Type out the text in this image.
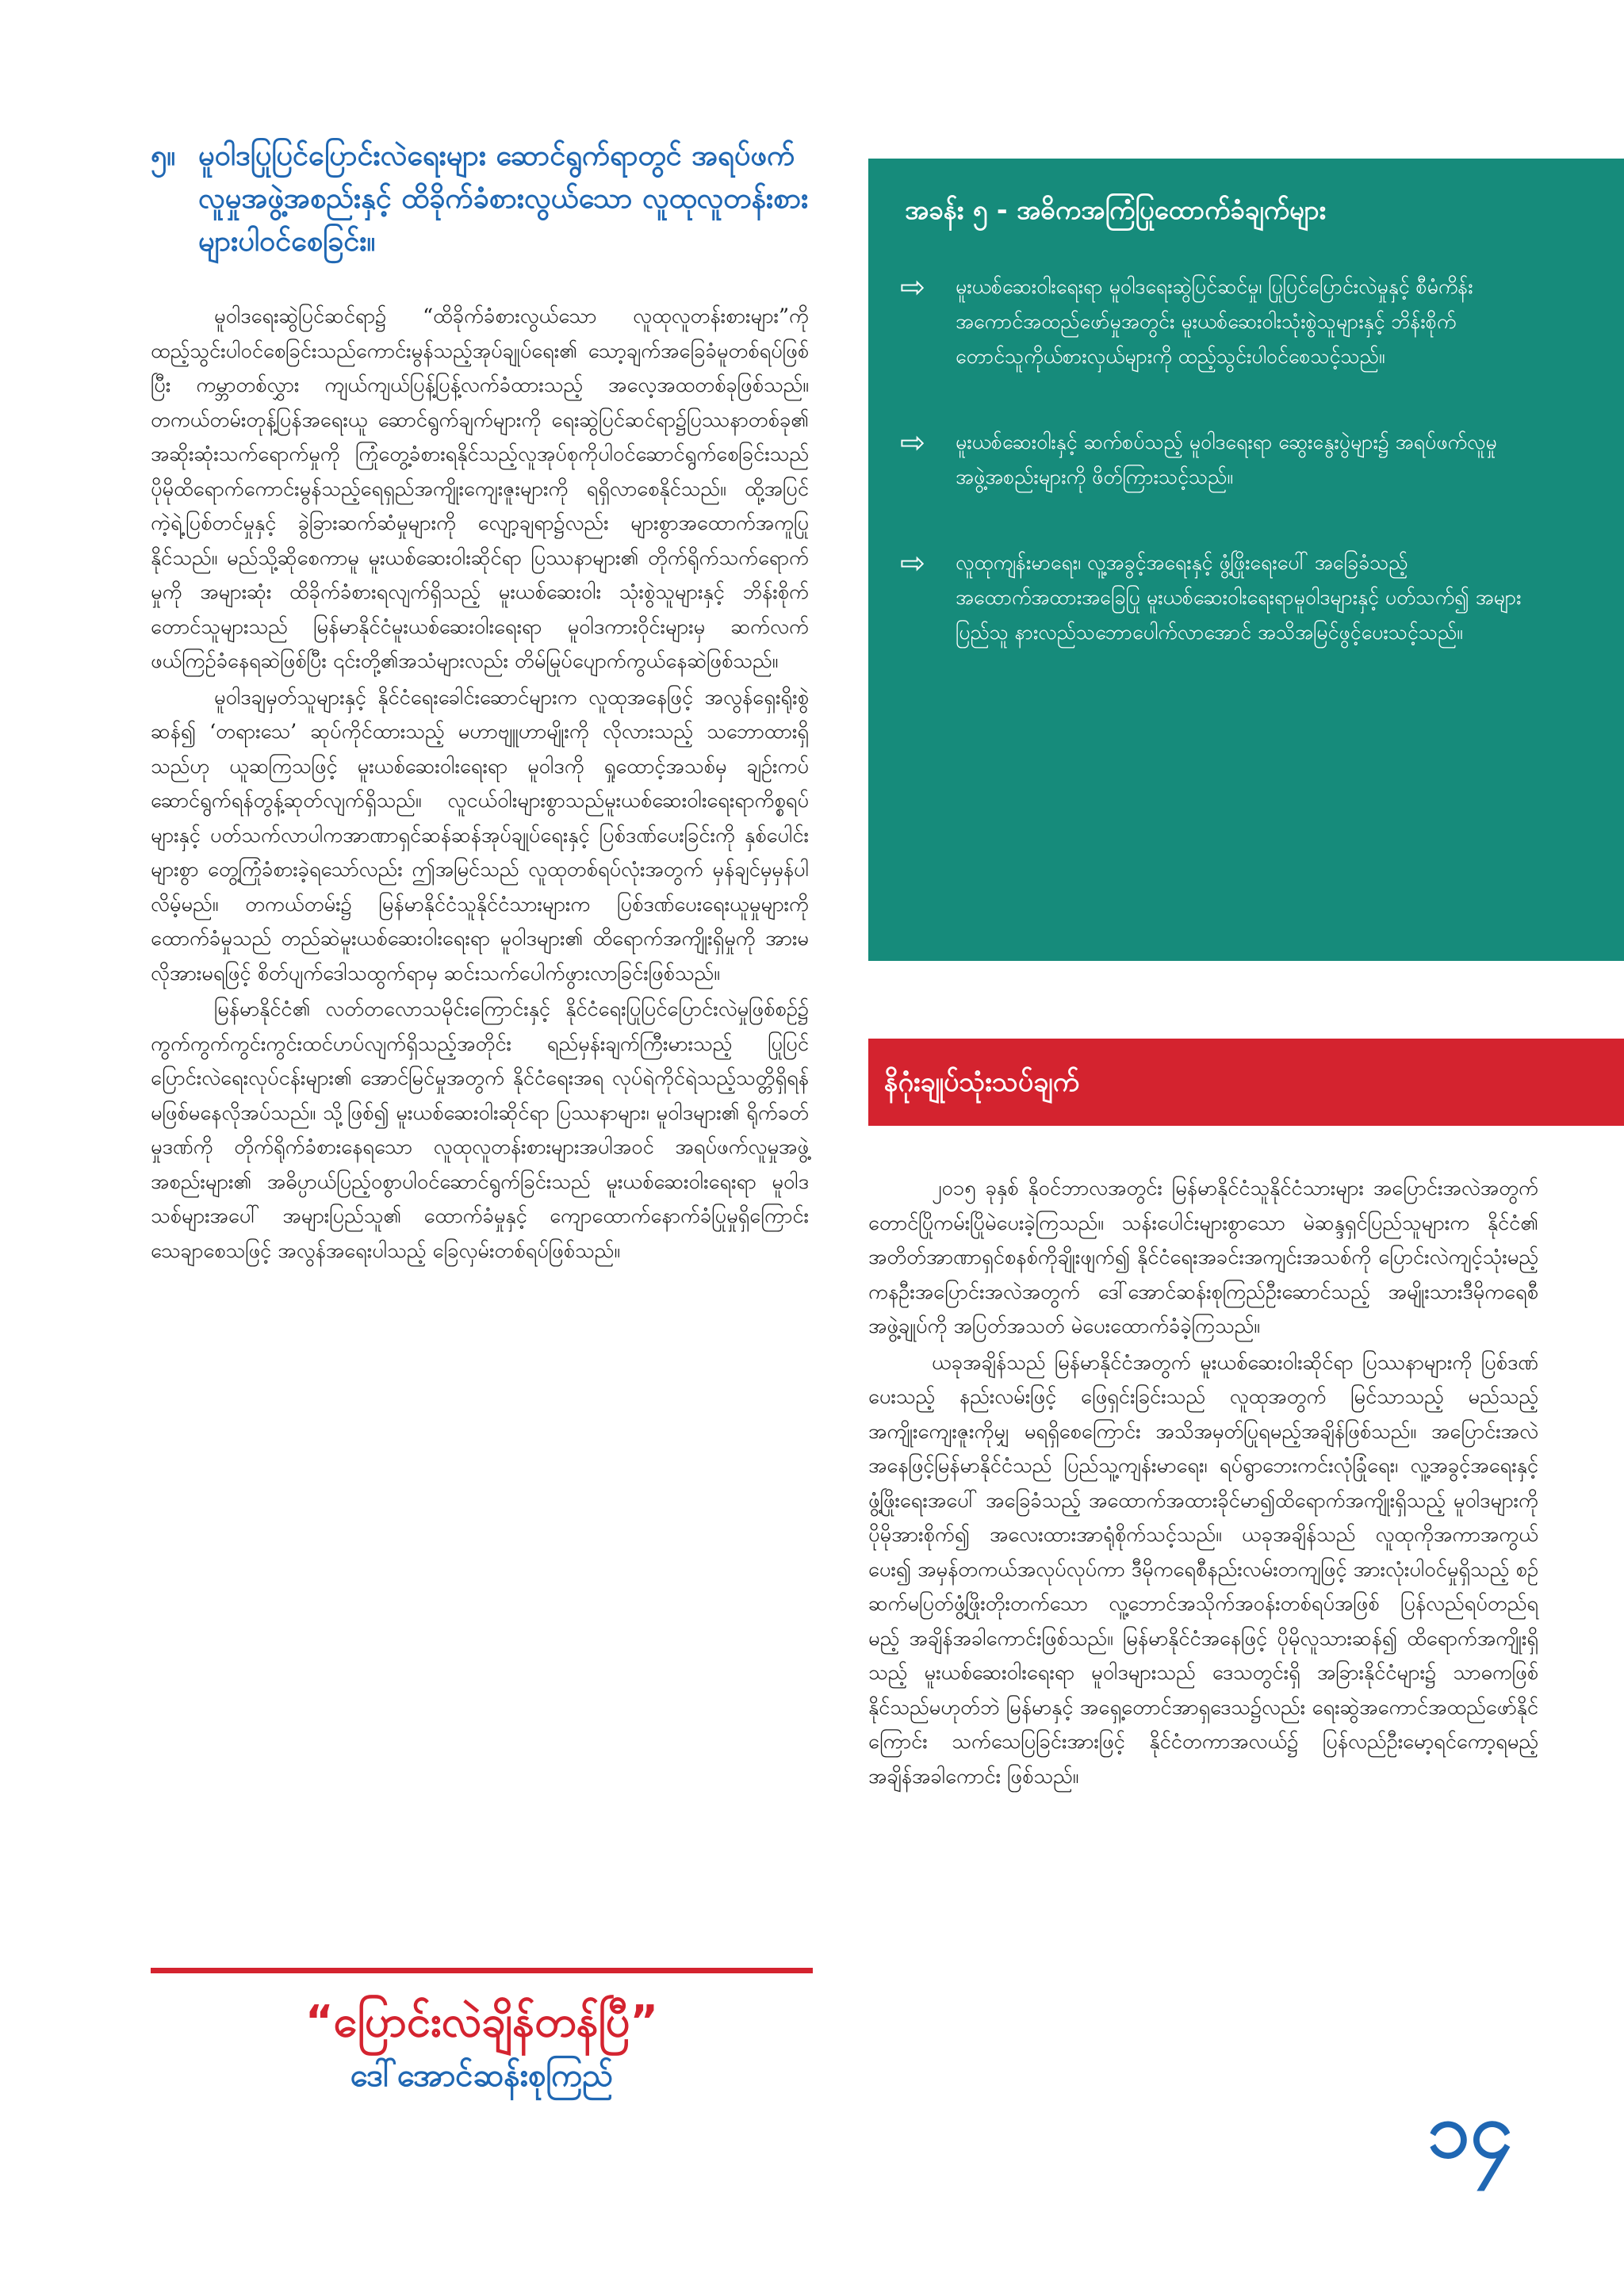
၅။ မူဝါဒပြုပြင်ပြောင်းလဲရေးများ ဆောင်ရွက်ရာတွင် အရပ်ဖက်လူမှုအဖွဲ့အစည်းနှင့် ထိခိုက်ခံစားလွယ်သော လူထုလူတန်းစားများပါဝင်စေခြင်း။

မူဝါဒရေးဆွဲပြင်ဆင်ရာ၌ “ထိခိုက်ခံစားလွယ်သော လူထုလူတန်းစားများ”ကိုထည့်သွင်းပါဝင်စေခြင်းသည်ကောင်းမွန်သည့်အုပ်ချုပ်ရေး၏ သော့ချက်အခြေခံမူတစ်ရပ်ဖြစ်ပြီး ကမ္ဘာတစ်လွှား ကျယ်ကျယ်ပြန့်ပြန့်လက်ခံထားသည့် အလေ့အထတစ်ခုဖြစ်သည်။ တကယ်တမ်းတုန့်ပြန်အရေးယူ ဆောင်ရွက်ချက်များကို ရေးဆွဲပြင်ဆင်ရာ၌ပြဿနာတစ်ခု၏ အဆိုးဆုံးသက်ရောက်မှုကို ကြုံတွေ့ခံစားရနိုင်သည့်လူအုပ်စုကိုပါဝင်ဆောင်ရွက်စေခြင်းသည်ပိုမိုထိရောက်ကောင်းမွန်သည့်ရေရှည်အကျိုးကျေးဇူးများကို ရရှိလာစေနိုင်သည်။ ထို့အပြင် ကဲ့ရဲ့ပြစ်တင်မှုနှင့် ခွဲခြားဆက်ဆံမှုများကို လျော့ချရာ၌လည်း များစွာအထောက်အကူပြုနိုင်သည်။ မည်သို့ဆိုစေကာမူ မူးယစ်ဆေးဝါးဆိုင်ရာ ပြဿနာများ၏ တိုက်ရိုက်သက်ရောက်မှုကို အများဆုံး ထိခိုက်ခံစားရလျက်ရှိသည့် မူးယစ်ဆေးဝါး သုံးစွဲသူများနှင့် ဘိန်းစိုက်တောင်သူများသည် မြန်မာနိုင်ငံမူးယစ်ဆေးဝါးရေးရာ မူဝါဒကားဝိုင်းများမှ ဆက်လက်ဖယ်ကြဉ်ခံနေရဆဲဖြစ်ပြီး ၎င်းတို့၏အသံများလည်း တိမ်မြုပ်ပျောက်ကွယ်နေဆဲဖြစ်သည်။

မူဝါဒချမှတ်သူများနှင့် နိုင်ငံရေးခေါင်းဆောင်များက လူထုအနေဖြင့် အလွန်ရှေးရိုးစွဲဆန်၍ ‘တရားသေ’ ဆုပ်ကိုင်ထားသည့် မဟာဗျူဟာမျိုးကို လိုလားသည့် သဘောထားရှိသည်ဟု ယူဆကြသဖြင့် မူးယစ်ဆေးဝါးရေးရာ မူဝါဒကို ရှုထောင့်အသစ်မှ ချဉ်းကပ်ဆောင်ရွက်ရန်တွန့်ဆုတ်လျက်ရှိသည်။ လူငယ်ဝါးများစွာသည်မူးယစ်ဆေးဝါးရေးရာကိစ္စရပ်များနှင့် ပတ်သက်လာပါကအာဏာရှင်ဆန်ဆန်အုပ်ချုပ်ရေးနှင့် ပြစ်ဒဏ်ပေးခြင်းကို နှစ်ပေါင်းများစွာ တွေ့ကြုံခံစားခဲ့ရသော်လည်း ဤအမြင်သည် လူထုတစ်ရပ်လုံးအတွက် မှန်ချင်မှမှန်ပါလိမ့်မည်။ တကယ်တမ်း၌ မြန်မာနိုင်ငံသူနိုင်ငံသားများက ပြစ်ဒဏ်ပေးရေးယူမှုများကို ထောက်ခံမှုသည် တည်ဆဲမူးယစ်ဆေးဝါးရေးရာ မူဝါဒများ၏ ထိရောက်အကျိုးရှိမှုကို အားမလိုအားမရဖြင့် စိတ်ပျက်ဒေါသထွက်ရာမှ ဆင်းသက်ပေါက်ဖွားလာခြင်းဖြစ်သည်။

မြန်မာနိုင်ငံ၏ လတ်တလောသမိုင်းကြောင်းနှင့် နိုင်ငံရေးပြုပြင်ပြောင်းလဲမှုဖြစ်စဉ်၌ ကွက်ကွက်ကွင်းကွင်းထင်ဟပ်လျက်ရှိသည့်အတိုင်း ရည်မှန်းချက်ကြီးမားသည့် ပြုပြင်ပြောင်းလဲရေးလုပ်ငန်းများ၏ အောင်မြင်မှုအတွက် နိုင်ငံရေးအရ လုပ်ရဲကိုင်ရဲသည့်သတ္တိရှိရန် မဖြစ်မနေလိုအပ်သည်။ သို့ဖြစ်၍ မူးယစ်ဆေးဝါးဆိုင်ရာ ပြဿနာများ၊ မူဝါဒများ၏ ရိုက်ခတ်မှုဒဏ်ကို တိုက်ရိုက်ခံစားနေရသော လူထုလူတန်းစားများအပါအဝင် အရပ်ဖက်လူမှုအဖွဲ့အစည်းများ၏ အဓိပ္ပာယ်ပြည့်ဝစွာပါဝင်ဆောင်ရွက်ခြင်းသည် မူးယစ်ဆေးဝါးရေးရာ မူဝါဒသစ်များအပေါ် အများပြည်သူ၏ ထောက်ခံမှုနှင့် ကျောထောက်နောက်ခံပြုမှုရှိကြောင်းသေချာစေသဖြင့် အလွန်အရေးပါသည့် ခြေလှမ်းတစ်ရပ်ဖြစ်သည်။

“ပြောင်းလဲချိန်တန်ပြီ”
ဒေါ်အောင်ဆန်းစုကြည်
အခန်း ၅ - အဓိကအကြံပြုထောက်ခံချက်များ
⇨	မူးယစ်ဆေးဝါးရေးရာ မူဝါဒရေးဆွဲပြင်ဆင်မှု၊ ပြုပြင်ပြောင်းလဲမှုနှင့် စီမံကိန်းအကောင်အထည်ဖော်မှုအတွင်း မူးယစ်ဆေးဝါးသုံးစွဲသူများနှင့် ဘိန်းစိုက်တောင်သူကိုယ်စားလှယ်များကို ထည့်သွင်းပါဝင်စေသင့်သည်။
⇨	မူးယစ်ဆေးဝါးနှင့် ဆက်စပ်သည့် မူဝါဒရေးရာ ဆွေးနွေးပွဲများ၌ အရပ်ဖက်လူမှုအဖွဲ့အစည်းများကို ဖိတ်ကြားသင့်သည်။
⇨	လူထုကျန်းမာရေး၊ လူ့အခွင့်အရေးနှင့် ဖွံ့ဖြိုးရေးပေါ် အခြေခံသည့် အထောက်အထားအခြေပြု မူးယစ်ဆေးဝါးရေးရာမူဝါဒများနှင့် ပတ်သက်၍ အများပြည်သူ နားလည်သဘောပေါက်လာအောင် အသိအမြင်ဖွင့်ပေးသင့်သည်။
နိဂုံးချုပ်သုံးသပ်ချက်

၂၀၁၅ ခုနှစ် နိုဝင်ဘာလအတွင်း မြန်မာနိုင်ငံသူနိုင်ငံသားများ အပြောင်းအလဲအတွက် တောင်ပြိုကမ်းပြိုမဲပေးခဲ့ကြသည်။ သန်းပေါင်းများစွာသော မဲဆန္ဒရှင်ပြည်သူများက နိုင်ငံ၏ အတိတ်အာဏာရှင်စနစ်ကိုချိုးဖျက်၍ နိုင်ငံရေးအခင်းအကျင်းအသစ်ကို ပြောင်းလဲကျင့်သုံးမည့်ကနဦးအပြောင်းအလဲအတွက် ဒေါ်အောင်ဆန်းစုကြည်ဦးဆောင်သည့် အမျိုးသားဒီမိုကရေစီအဖွဲ့ချုပ်ကို အပြတ်အသတ် မဲပေးထောက်ခံခဲ့ကြသည်။

ယခုအချိန်သည် မြန်မာနိုင်ငံအတွက် မူးယစ်ဆေးဝါးဆိုင်ရာ ပြဿနာများကို ပြစ်ဒဏ်ပေးသည့် နည်းလမ်းဖြင့် ဖြေရှင်းခြင်းသည် လူထုအတွက် မြင်သာသည့် မည်သည့်အကျိုးကျေးဇူးကိုမျှ မရရှိစေကြောင်း အသိအမှတ်ပြုရမည့်အချိန်ဖြစ်သည်။ အပြောင်းအလဲအနေဖြင့်မြန်မာနိုင်ငံသည် ပြည်သူ့ကျန်းမာရေး၊ ရပ်ရွာဘေးကင်းလုံခြုံရေး၊ လူ့အခွင့်အရေးနှင့် ဖွံ့ဖြိုးရေးအပေါ် အခြေခံသည့် အထောက်အထားခိုင်မာ၍ထိရောက်အကျိုးရှိသည့် မူဝါဒများကို ပိုမိုအားစိုက်၍ အလေးထားအာရုံစိုက်သင့်သည်။ ယခုအချိန်သည် လူထုကိုအကာအကွယ်ပေး၍ အမှန်တကယ်အလုပ်လုပ်ကာ ဒီမိုကရေစီနည်းလမ်းတကျဖြင့် အားလုံးပါဝင်မှုရှိသည့် စဉ်ဆက်မပြတ်ဖွံ့ဖြိုးတိုးတက်သော လူ့ဘောင်အသိုက်အဝန်းတစ်ရပ်အဖြစ် ပြန်လည်ရပ်တည်ရမည့် အချိန်အခါကောင်းဖြစ်သည်။ မြန်မာနိုင်ငံအနေဖြင့် ပိုမိုလူသားဆန်၍ ထိရောက်အကျိုးရှိသည့် မူးယစ်ဆေးဝါးရေးရာ မူဝါဒများသည် ဒေသတွင်းရှိ အခြားနိုင်ငံများ၌ သာဓကဖြစ်နိုင်သည်မဟုတ်ဘဲ မြန်မာနှင့် အရှေ့တောင်အာရှဒေသ၌လည်း ရေးဆွဲအကောင်အထည်ဖော်နိုင်ကြောင်း သက်သေပြခြင်းအားဖြင့် နိုင်ငံတကာအလယ်၌ ပြန်လည်ဦးမော့ရင်ကော့ရမည့် အချိန်အခါကောင်း ဖြစ်သည်။

၁၄
